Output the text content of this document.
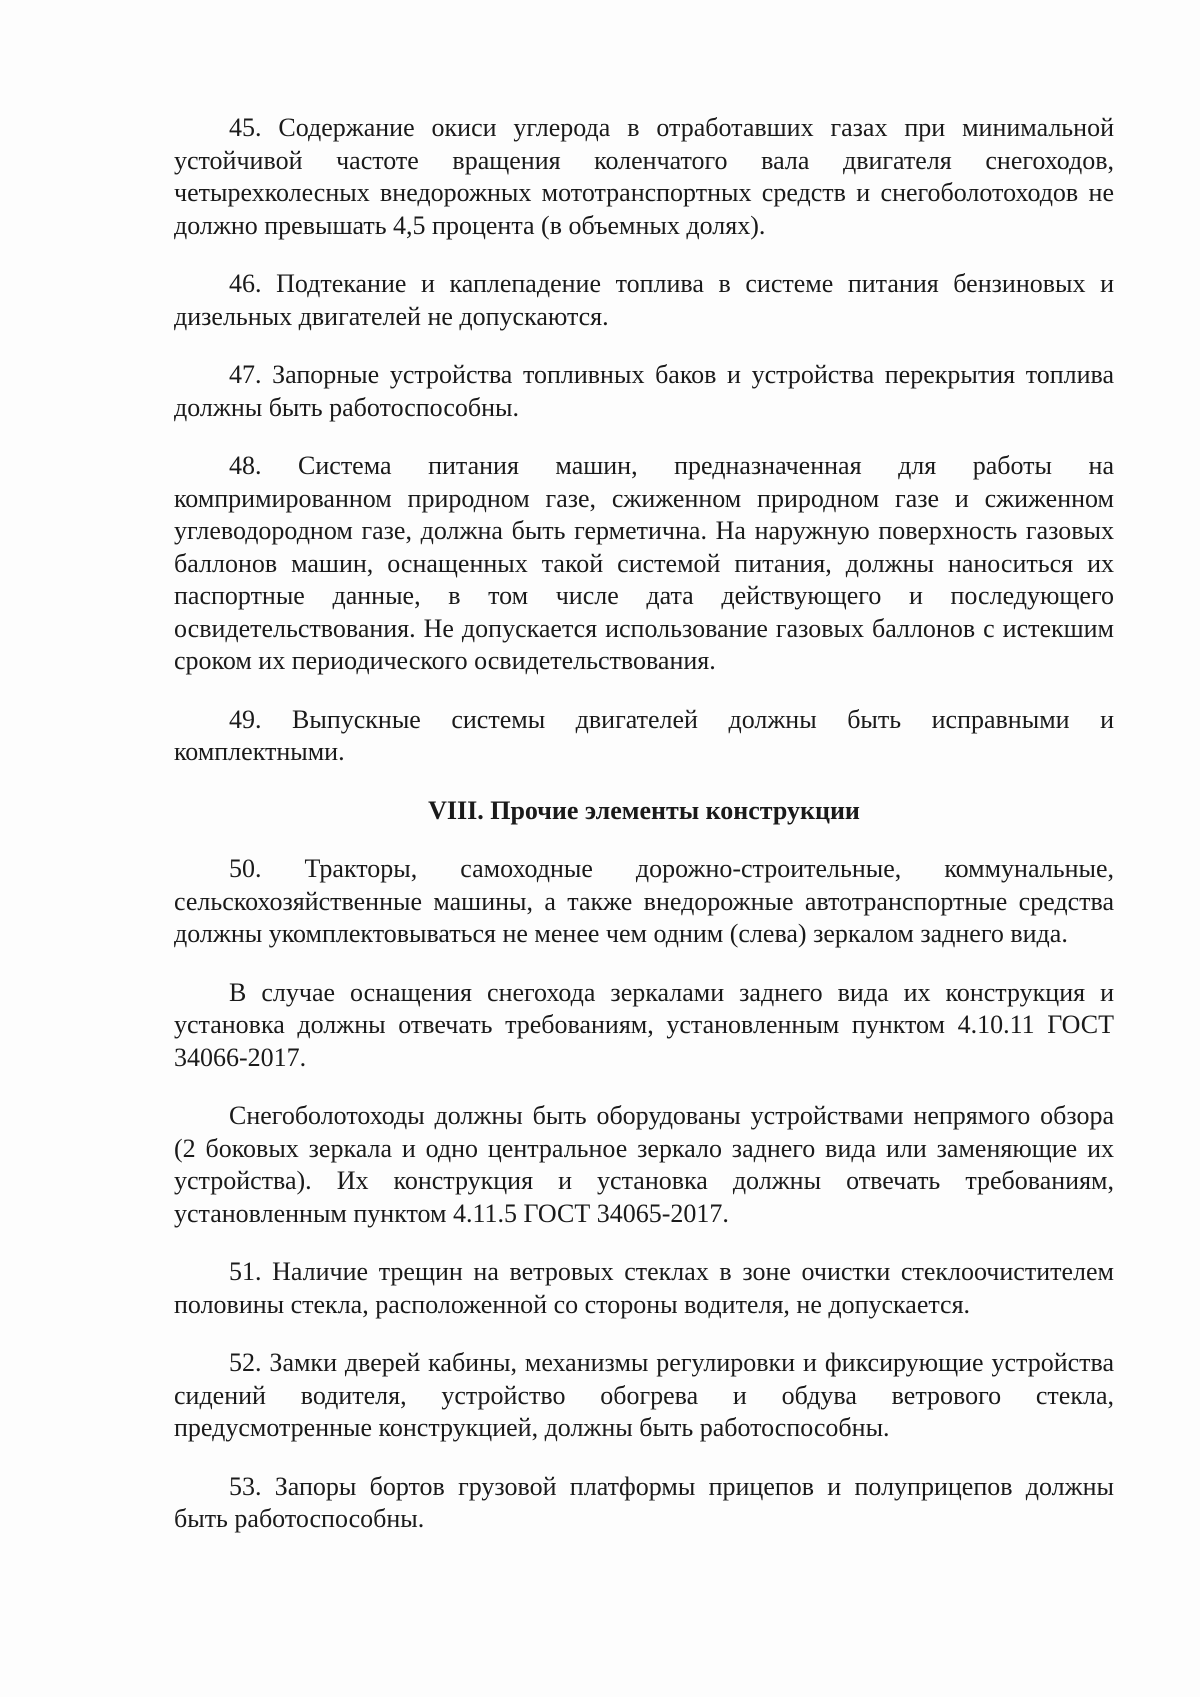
45. Содержание окиси углерода в отработавших газах при минимальной устойчивой частоте вращения коленчатого вала двигателя снегоходов, четырехколесных внедорожных мототранспортных средств и снегоболотоходов не должно превышать 4,5 процента (в объемных долях).

46. Подтекание и каплепадение топлива в системе питания бензиновых и дизельных двигателей не допускаются.

47. Запорные устройства топливных баков и устройства перекрытия топлива должны быть работоспособны.

48. Система питания машин, предназначенная для работы на компримированном природном газе, сжиженном природном газе и сжиженном углеводородном газе, должна быть герметична. На наружную поверхность газовых баллонов машин, оснащенных такой системой питания, должны наноситься их паспортные данные, в том числе дата действующего и последующего освидетельствования. Не допускается использование газовых баллонов с истекшим сроком их периодического освидетельствования.

49. Выпускные системы двигателей должны быть исправными и комплектными.

VIII. Прочие элементы конструкции

50. Тракторы, самоходные дорожно-строительные, коммунальные, сельскохозяйственные машины, а также внедорожные автотранспортные средства должны укомплектовываться не менее чем одним (слева) зеркалом заднего вида.

В случае оснащения снегохода зеркалами заднего вида их конструкция и установка должны отвечать требованиям, установленным пунктом 4.10.11 ГОСТ 34066-2017.

Снегоболотоходы должны быть оборудованы устройствами непрямого обзора (2 боковых зеркала и одно центральное зеркало заднего вида или заменяющие их устройства). Их конструкция и установка должны отвечать требованиям, установленным пунктом 4.11.5 ГОСТ 34065-2017.

51. Наличие трещин на ветровых стеклах в зоне очистки стеклоочистителем половины стекла, расположенной со стороны водителя, не допускается.

52. Замки дверей кабины, механизмы регулировки и фиксирующие устройства сидений водителя, устройство обогрева и обдува ветрового стекла, предусмотренные конструкцией, должны быть работоспособны.

53. Запоры бортов грузовой платформы прицепов и полуприцепов должны быть работоспособны.
